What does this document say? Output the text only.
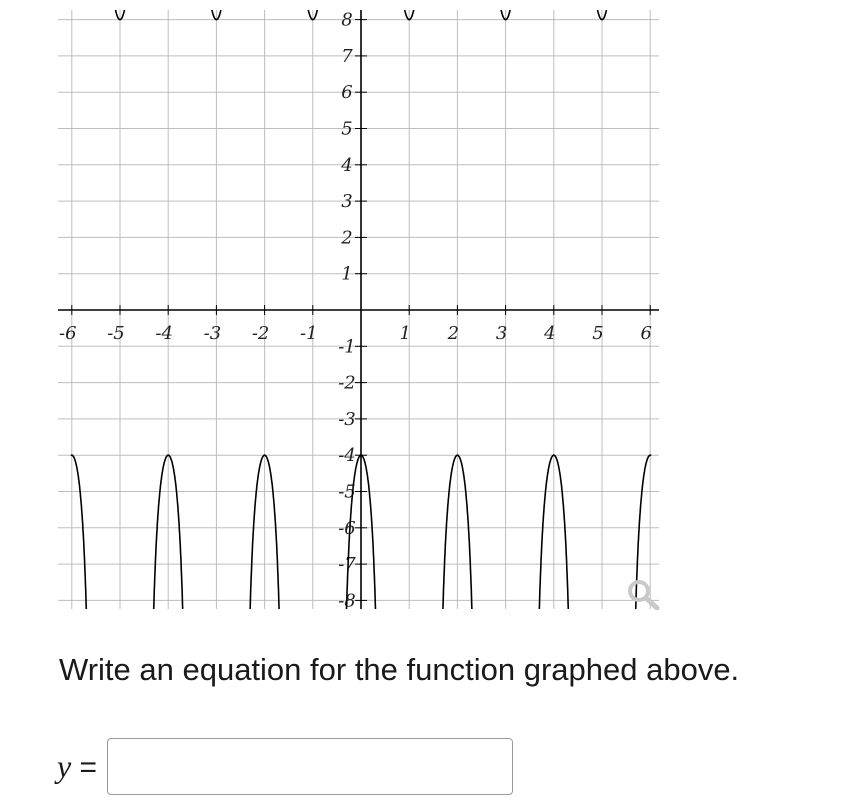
-6 -5 -4 -3 -2 -1	1 2 3 4 5 6
-8
-7
-6
-5
-4
-3
-2
-1
1
2
3
4
5
6
7
8
Write an equation for the function graphed above.
y =
